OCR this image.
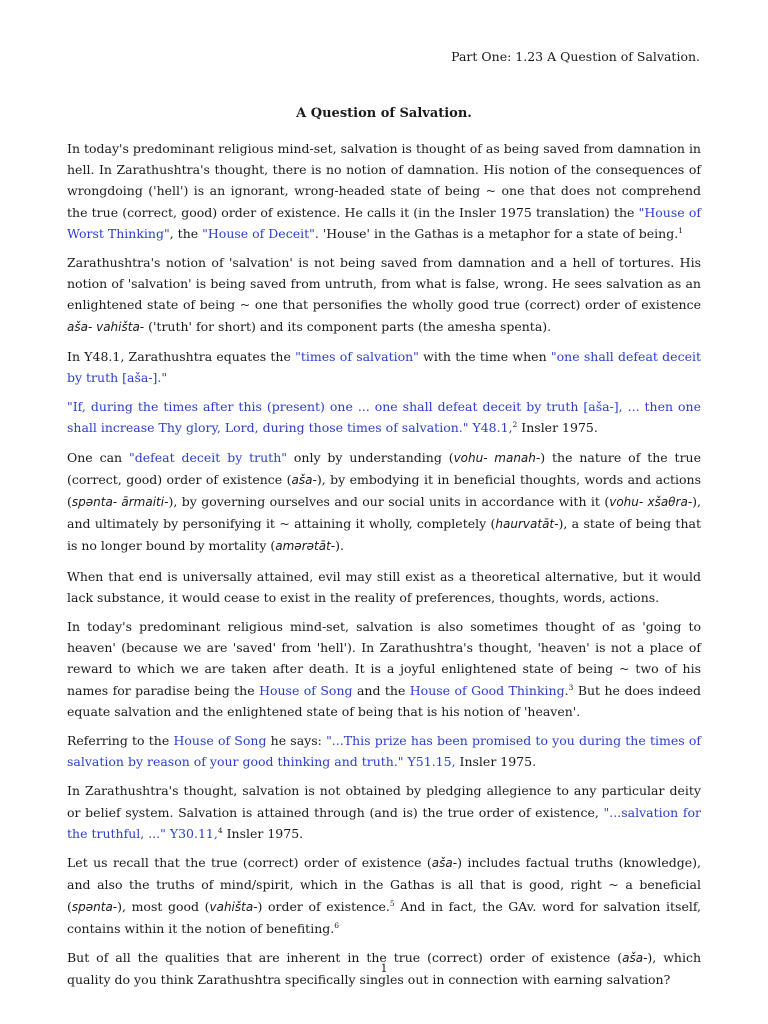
Part One: 1.23 A Question of Salvation.
A Question of Salvation.

In today's predominant religious mind-set, salvation is thought of as being saved from damnation in hell. In Zarathushtra's thought, there is no notion of damnation. His notion of the consequences of wrongdoing ('hell') is an ignorant, wrong-headed state of being ~ one that does not comprehend the true (correct, good) order of existence. He calls it (in the Insler 1975 translation) the "House of Worst Thinking", the "House of Deceit". 'House' in the Gathas is a metaphor for a state of being.$^1$

Zarathushtra's notion of 'salvation' is not being saved from damnation and a hell of tortures. His notion of 'salvation' is being saved from untruth, from what is false, wrong. He sees salvation as an enlightened state of being ~ one that personifies the wholly good true (correct) order of existence aša- vahišta- ('truth' for short) and its component parts (the amesha spenta).

In Y48.1, Zarathushtra equates the "times of salvation" with the time when "one shall defeat deceit by truth [aša-]."

"If, during the times after this (present) one ... one shall defeat deceit by truth [aša-], ... then one shall increase Thy glory, Lord, during those times of salvation." Y48.1,$^2$ Insler 1975.

One can "defeat deceit by truth" only by understanding (vohu- manah-) the nature of the true (correct, good) order of existence (aša-), by embodying it in beneficial thoughts, words and actions (spənta- ārmaiti-), by governing ourselves and our social units in accordance with it (vohu- xšaθra-), and ultimately by personifying it ~ attaining it wholly, completely (haurvatāt-), a state of being that is no longer bound by mortality (amərətāt-).

When that end is universally attained, evil may still exist as a theoretical alternative, but it would lack substance, it would cease to exist in the reality of preferences, thoughts, words, actions.

In today's predominant religious mind-set, salvation is also sometimes thought of as 'going to heaven' (because we are 'saved' from 'hell'). In Zarathushtra's thought, 'heaven' is not a place of reward to which we are taken after death. It is a joyful enlightened state of being ~ two of his names for paradise being the House of Song and the House of Good Thinking.$^3$ But he does indeed equate salvation and the enlightened state of being that is his notion of 'heaven'.

Referring to the House of Song he says: "...This prize has been promised to you during the times of salvation by reason of your good thinking and truth." Y51.15, Insler 1975.

In Zarathushtra's thought, salvation is not obtained by pledging allegience to any particular deity or belief system. Salvation is attained through (and is) the true order of existence, "...salvation for the truthful, ..." Y30.11,$^4$ Insler 1975.

Let us recall that the true (correct) order of existence (aša-) includes factual truths (knowledge), and also the truths of mind/spirit, which in the Gathas is all that is good, right ~ a beneficial (spənta-), most good (vahišta-) order of existence.$^5$ And in fact, the GAv. word for salvation itself, contains within it the notion of benefiting.$^6$

But of all the qualities that are inherent in the true (correct) order of existence (aša-), which quality do you think Zarathushtra specifically singles out in connection with earning salvation?

1
